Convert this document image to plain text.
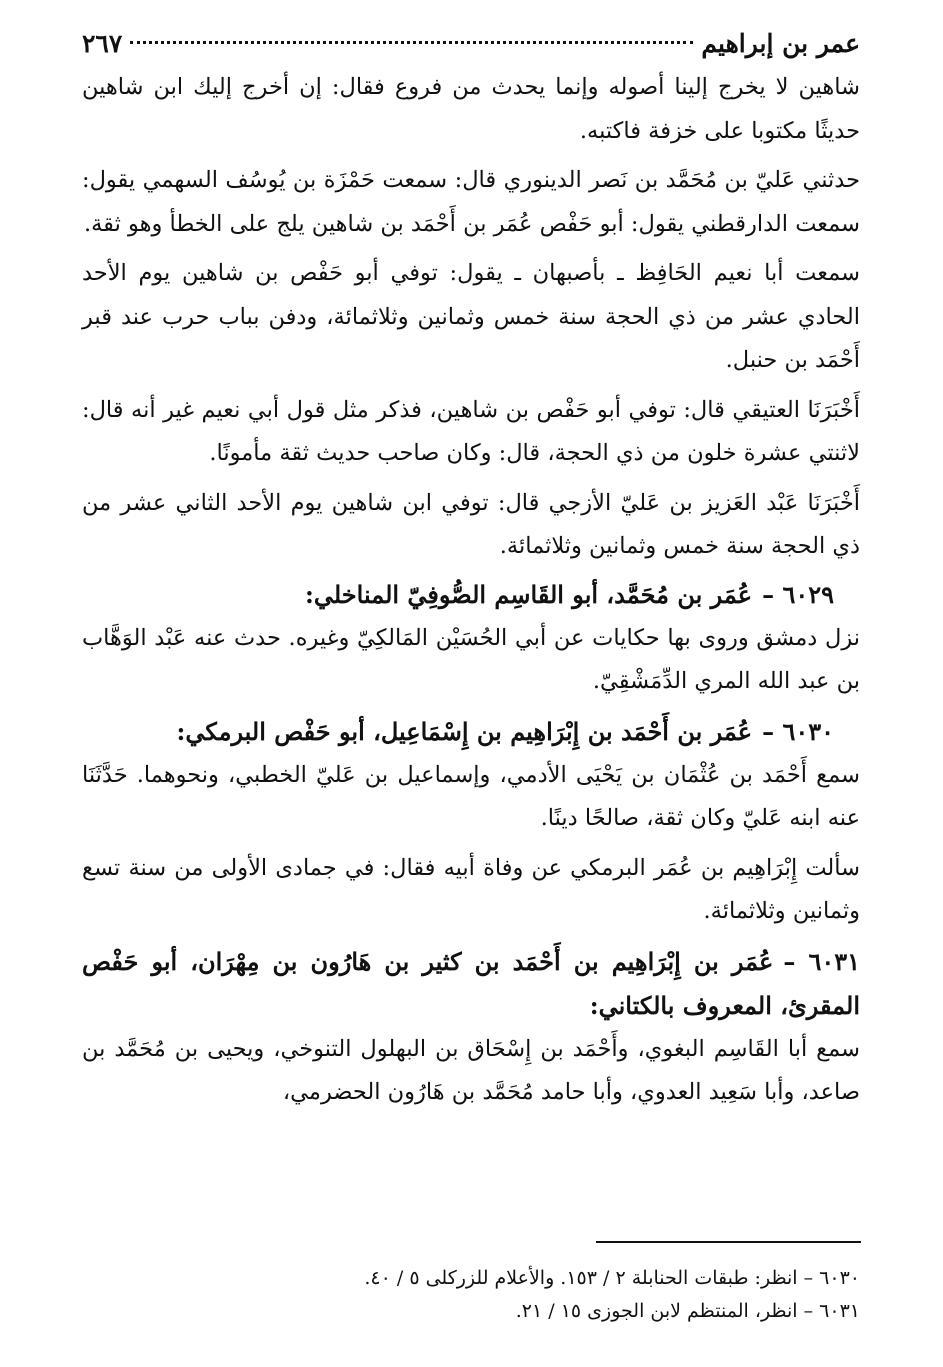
عمر بن إبراهيم
٢٦٧

شاهين لا يخرج إلينا أصوله وإنما يحدث من فروع فقال: إن أخرج إليك ابن شاهين حديثًا مكتوبا على خزفة فاكتبه.

حدثني عَليّ بن مُحَمَّد بن نَصر الدينوري قال: سمعت حَمْزَة بن يُوسُف السهمي يقول: سمعت الدارقطني يقول: أبو حَفْص عُمَر بن أَحْمَد بن شاهين يلج على الخطأ وهو ثقة.

سمعت أبا نعيم الحَافِظ ـ بأصبهان ـ يقول: توفي أبو حَفْص بن شاهين يوم الأحد الحادي عشر من ذي الحجة سنة خمس وثمانين وثلاثمائة، ودفن بباب حرب عند قبر أَحْمَد بن حنبل.

أَخْبَرَنَا العتيقي قال: توفي أبو حَفْص بن شاهين، فذكر مثل قول أبي نعيم غير أنه قال: لاثنتي عشرة خلون من ذي الحجة، قال: وكان صاحب حديث ثقة مأمونًا.

أَخْبَرَنَا عَبْد العَزيز بن عَليّ الأزجي قال: توفي ابن شاهين يوم الأحد الثاني عشر من ذي الحجة سنة خمس وثمانين وثلاثمائة.

٦٠٢٩ –عُمَر بن مُحَمَّد، أبو القَاسِم الصُّوفِيّ المناخلي:

نزل دمشق وروى بها حكايات عن أبي الحُسَيْن المَالكِيّ وغيره. حدث عنه عَبْد الوَهَّاب بن عبد الله المري الدِّمَشْقِيّ.

٦٠٣٠ –عُمَر بن أَحْمَد بن إِبْرَاهِيم بن إِسْمَاعِيل، أبو حَفْص البرمكي:

سمع أَحْمَد بن عُثْمَان بن يَحْيَى الأدمي، وإسماعيل بن عَليّ الخطبي، ونحوهما. حَدَّثَنَا عنه ابنه عَليّ وكان ثقة، صالحًا دينًا.

سألت إِبْرَاهِيم بن عُمَر البرمكي عن وفاة أبيه فقال: في جمادى الأولى من سنة تسع وثمانين وثلاثمائة.

٦٠٣١ –عُمَر بن إِبْرَاهِيم بن أَحْمَد بن كثير بن هَارُون بن مِهْرَان، أبو حَفْص المقرئ، المعروف بالكتاني:

سمع أبا القَاسِم البغوي، وأَحْمَد بن إِسْحَاق بن البهلول التنوخي، ويحيى بن مُحَمَّد بن صاعد، وأبا سَعِيد العدوي، وأبا حامد مُحَمَّد بن هَارُون الحضرمي،

٦٠٣٠ – انظر: طبقات الحنابلة ٢ / ١٥٣. والأعلام للزركلى ٥ / ٤٠.

٦٠٣١ – انظر، المنتظم لابن الجوزى ١٥ / ٢١.
